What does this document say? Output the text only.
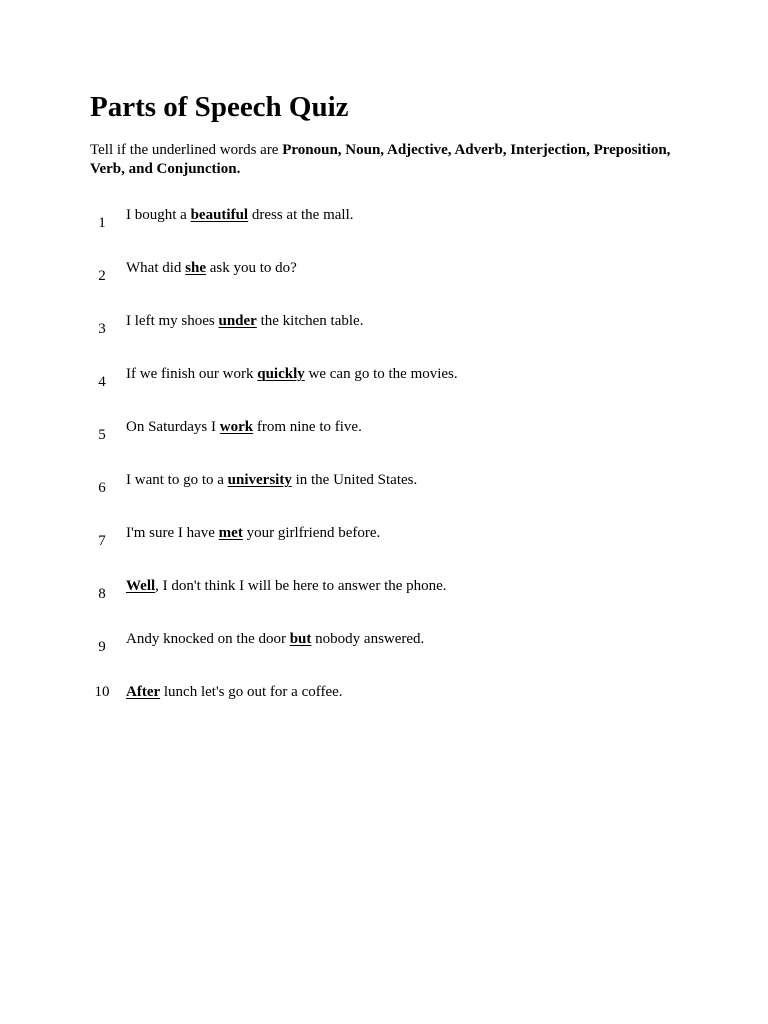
Parts of Speech Quiz

Tell if the underlined words are Pronoun, Noun, Adjective, Adverb, Interjection, Preposition, Verb, and Conjunction.

1	I bought a beautiful dress at the mall.
2	What did she ask you to do?
3	I left my shoes under the kitchen table.
4	If we finish our work quickly we can go to the movies.
5	On Saturdays I work from nine to five.
6	I want to go to a university in the United States.
7	I'm sure I have met your girlfriend before.
8	Well, I don't think I will be here to answer the phone.
9	Andy knocked on the door but nobody answered.
10	After lunch let's go out for a coffee.
